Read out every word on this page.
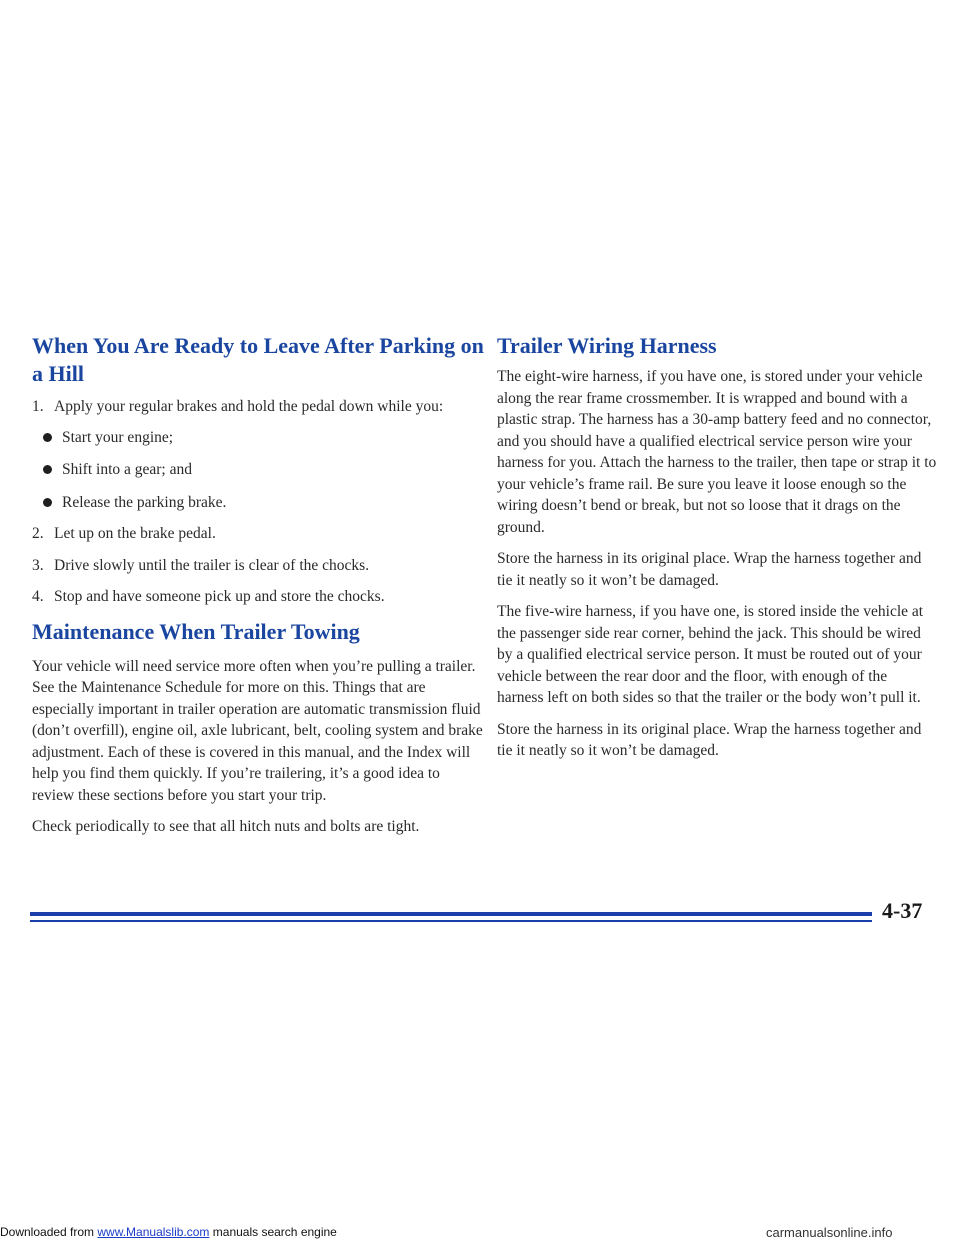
When You Are Ready to Leave After Parking on a Hill
1. Apply your regular brakes and hold the pedal down while you:
Start your engine;
Shift into a gear; and
Release the parking brake.
2. Let up on the brake pedal.
3. Drive slowly until the trailer is clear of the chocks.
4. Stop and have someone pick up and store the chocks.
Maintenance When Trailer Towing

Your vehicle will need service more often when you’re pulling a trailer. See the Maintenance Schedule for more on this. Things that are especially important in trailer operation are automatic transmission fluid (don’t overfill), engine oil, axle lubricant, belt, cooling system and brake adjustment. Each of these is covered in this manual, and the Index will help you find them quickly. If you’re trailering, it’s a good idea to review these sections before you start your trip.

Check periodically to see that all hitch nuts and bolts are tight.

Trailer Wiring Harness

The eight-wire harness, if you have one, is stored under your vehicle along the rear frame crossmember. It is wrapped and bound with a plastic strap. The harness has a 30-amp battery feed and no connector, and you should have a qualified electrical service person wire your harness for you. Attach the harness to the trailer, then tape or strap it to your vehicle’s frame rail. Be sure you leave it loose enough so the wiring doesn’t bend or break, but not so loose that it drags on the ground.

Store the harness in its original place. Wrap the harness together and tie it neatly so it won’t be damaged.

The five-wire harness, if you have one, is stored inside the vehicle at the passenger side rear corner, behind the jack. This should be wired by a qualified electrical service person. It must be routed out of your vehicle between the rear door and the floor, with enough of the harness left on both sides so that the trailer or the body won’t pull it.

Store the harness in its original place. Wrap the harness together and tie it neatly so it won’t be damaged.

4-37
Downloaded from www.Manualslib.com manuals search engine	carmanualsonline.info
